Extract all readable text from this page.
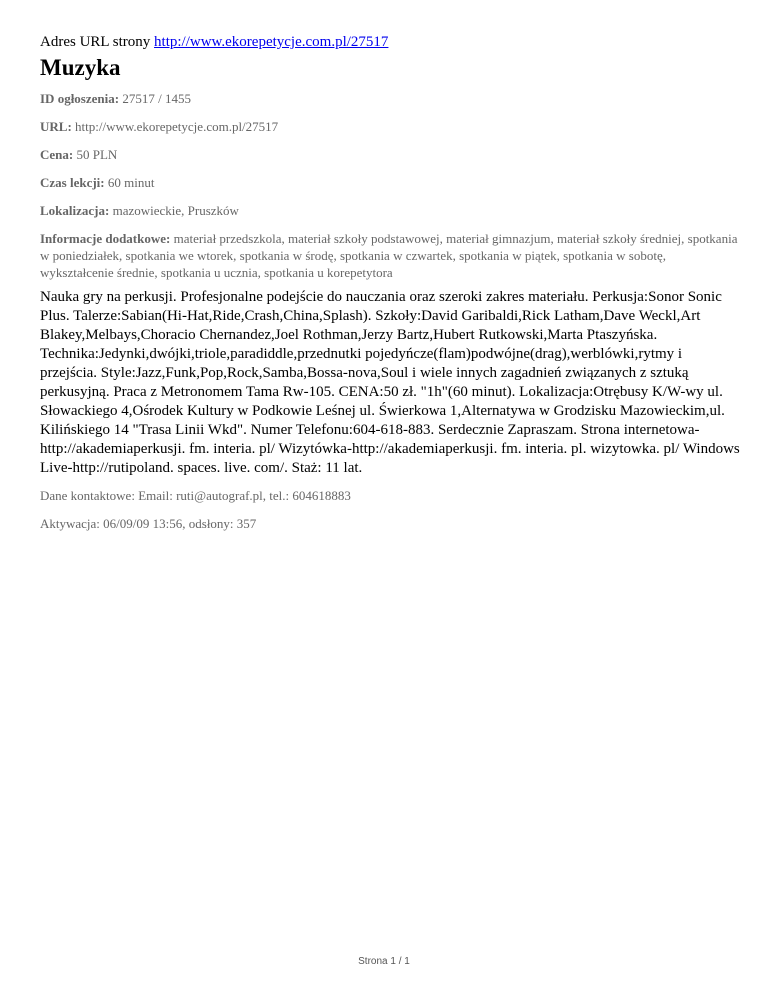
Adres URL strony http://www.ekorepetycje.com.pl/27517

Muzyka

ID ogłoszenia: 27517 / 1455

URL: http://www.ekorepetycje.com.pl/27517

Cena: 50 PLN

Czas lekcji: 60 minut

Lokalizacja: mazowieckie, Pruszków

Informacje dodatkowe: materiał przedszkola, materiał szkoły podstawowej, materiał gimnazjum, materiał szkoły średniej, spotkania w poniedziałek, spotkania we wtorek, spotkania w środę, spotkania w czwartek, spotkania w piątek, spotkania w sobotę, wykształcenie średnie, spotkania u ucznia, spotkania u korepetytora

Nauka gry na perkusji. Profesjonalne podejście do nauczania oraz szeroki zakres materiału. Perkusja:Sonor Sonic Plus. Talerze:Sabian(Hi-Hat,Ride,Crash,China,Splash). Szkoły:David Garibaldi,Rick Latham,Dave Weckl,Art Blakey,Melbays,Choracio Chernandez,Joel Rothman,Jerzy Bartz,Hubert Rutkowski,Marta Ptaszyńska. Technika:Jedynki,dwójki,triole,paradiddle,przednutki pojedyńcze(flam)podwójne(drag),werblówki,rytmy i przejścia. Style:Jazz,Funk,Pop,Rock,Samba,Bossa-nova,Soul i wiele innych zagadnień związanych z sztuką perkusyjną. Praca z Metronomem Tama Rw-105. CENA:50 zł. "1h"(60 minut). Lokalizacja:Otrębusy K/W-wy ul. Słowackiego 4,Ośrodek Kultury w Podkowie Leśnej ul. Świerkowa 1,Alternatywa w Grodzisku Mazowieckim,ul. Kilińskiego 14 "Trasa Linii Wkd". Numer Telefonu:604-618-883. Serdecznie Zapraszam. Strona internetowa-http://akademiaperkusji. fm. interia. pl/ Wizytówka-http://akademiaperkusji. fm. interia. pl. wizytowka. pl/ Windows Live-http://rutipoland. spaces. live. com/. Staż: 11 lat.

Dane kontaktowe: Email: ruti@autograf.pl, tel.: 604618883

Aktywacja: 06/09/09 13:56, odsłony: 357

Strona 1 / 1
